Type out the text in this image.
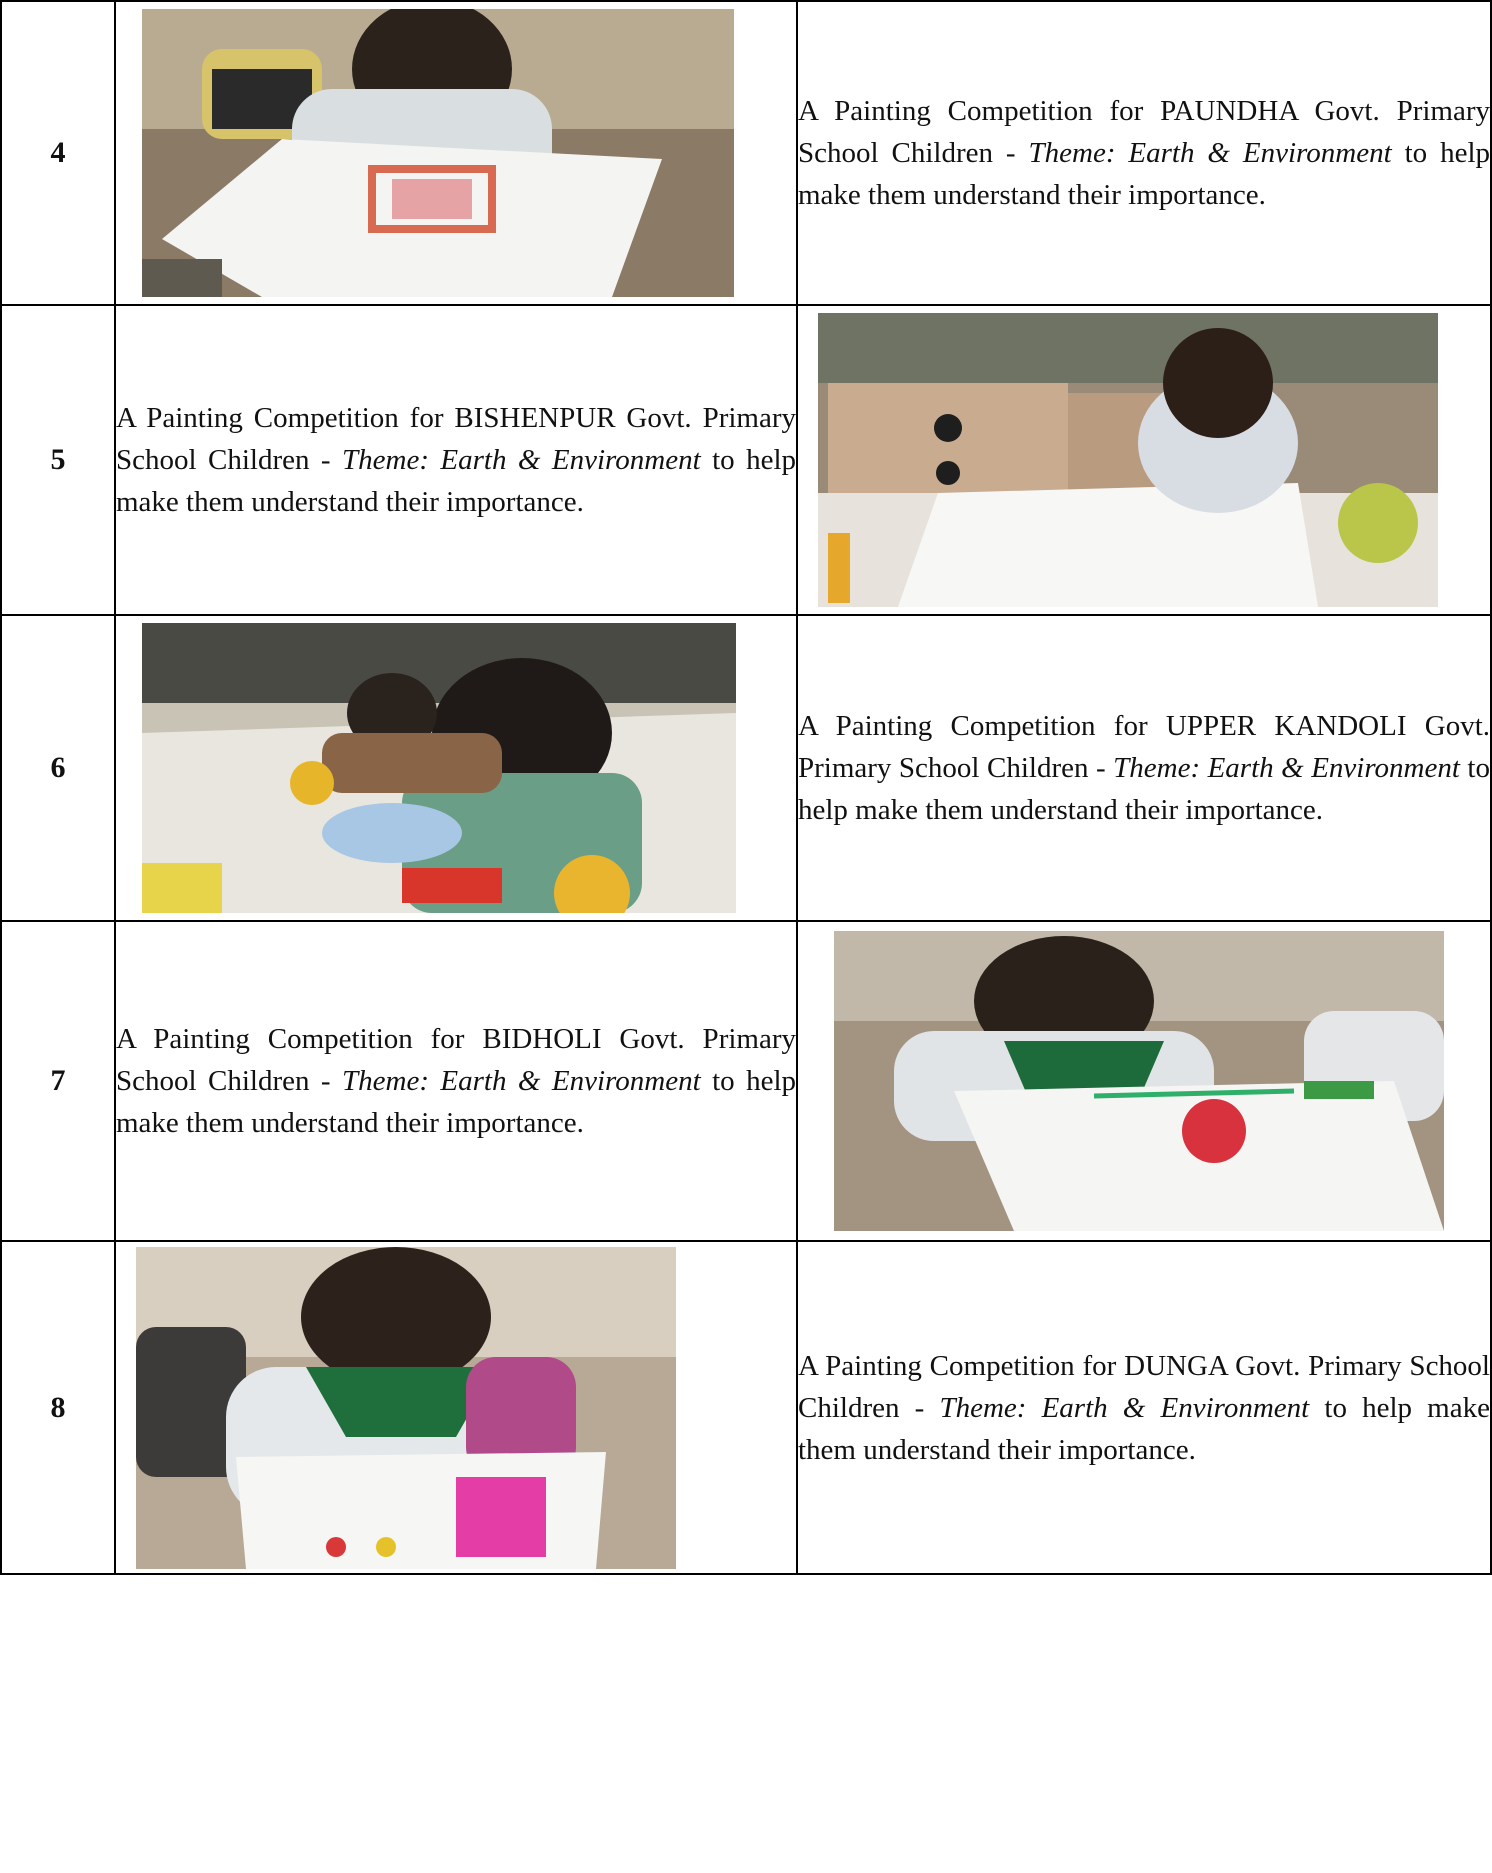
4		A Painting Competition for PAUNDHA Govt. Primary School Children - Theme: Earth & Environment to help make them understand their importance.
5	A Painting Competition for BISHENPUR Govt. Primary School Children - Theme: Earth & Environment to help make them understand their importance.	

6		A Painting Competition for UPPER KANDOLI Govt. Primary School Children - Theme: Earth & Environment to help make them understand their importance.
7	A Painting Competition for BIDHOLI Govt. Primary School Children - Theme: Earth & Environment to help make them understand their importance.	

8		A Painting Competition for DUNGA Govt. Primary School Children - Theme: Earth & Environment to help make them understand their importance.
